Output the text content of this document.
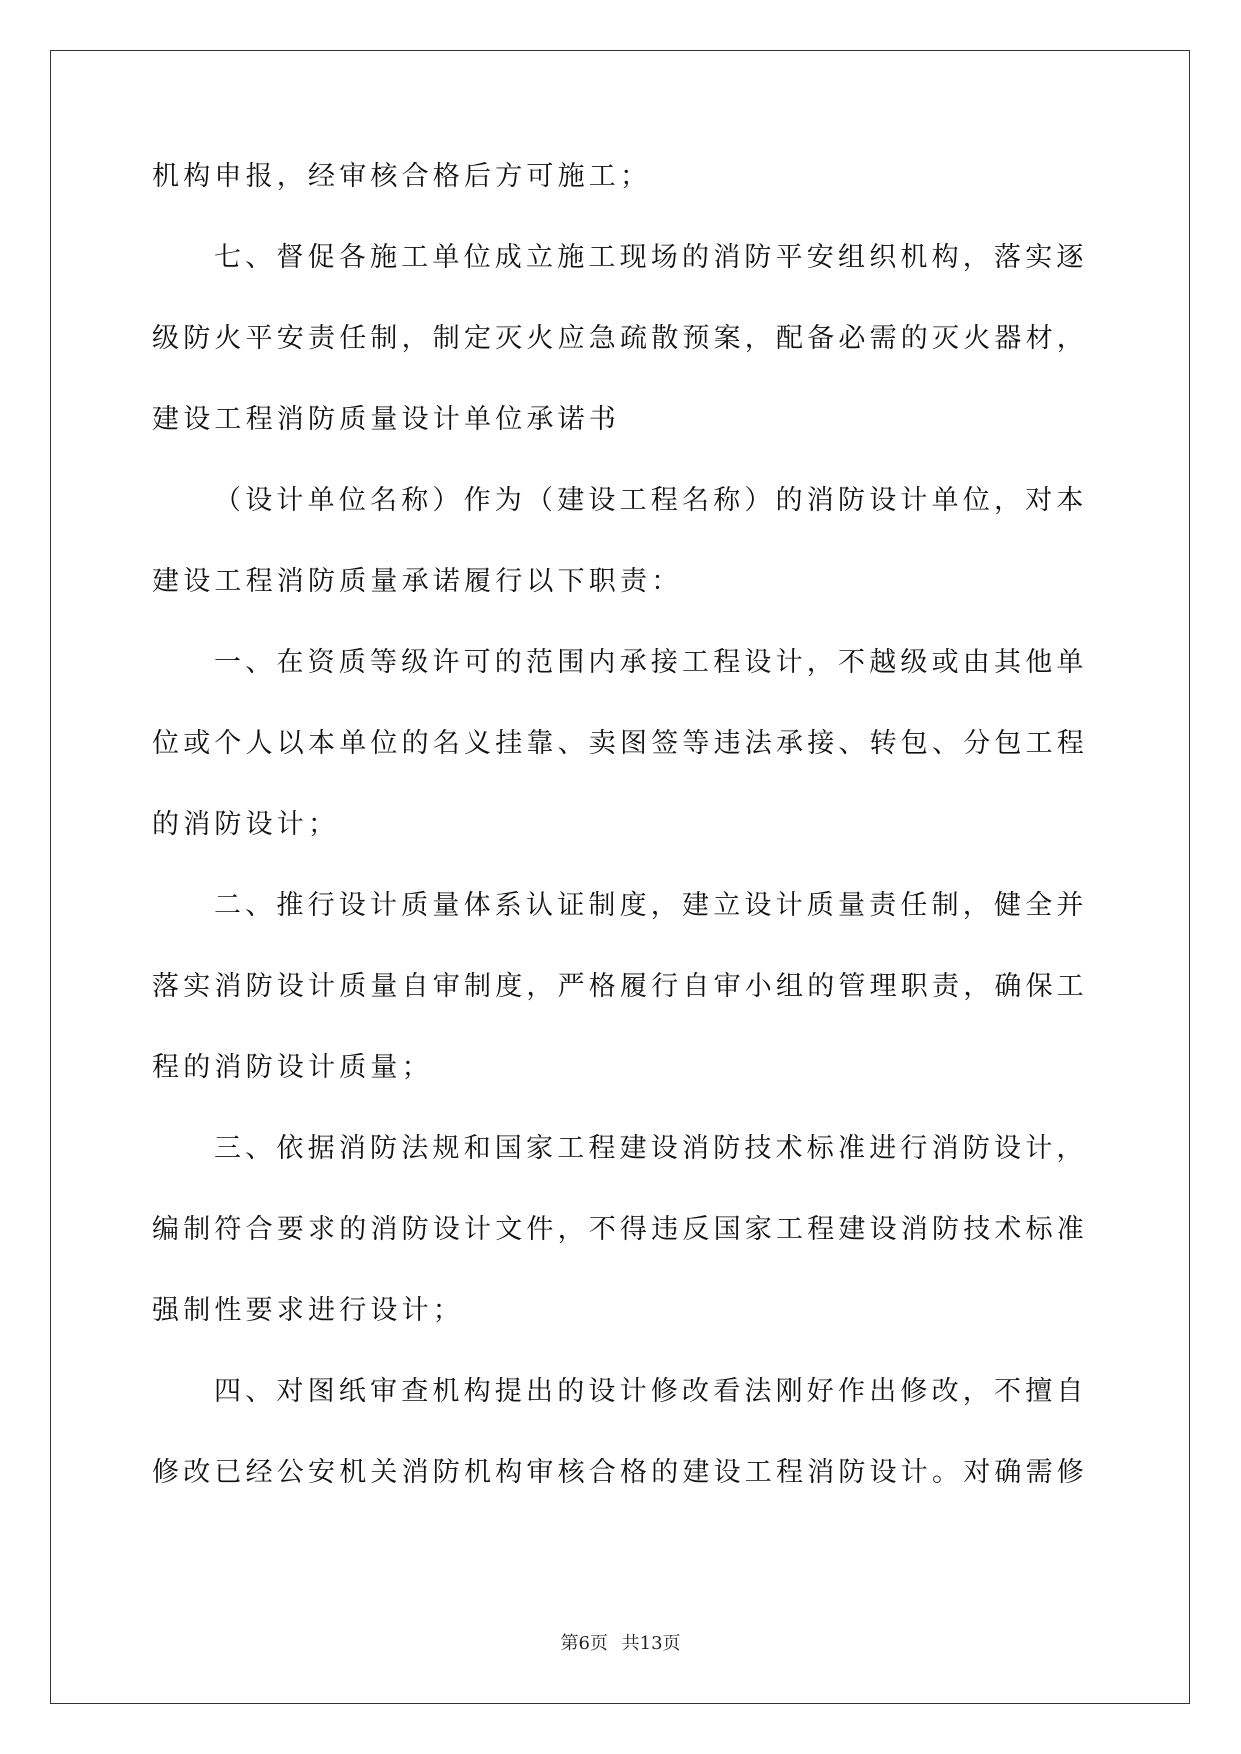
机构申报，经审核合格后方可施工；
七、督促各施工单位成立施工现场的消防平安组织机构，落实逐
级防火平安责任制，制定灭火应急疏散预案，配备必需的灭火器材，
建设工程消防质量设计单位承诺书
（设计单位名称）作为（建设工程名称）的消防设计单位，对本
建设工程消防质量承诺履行以下职责：
一、在资质等级许可的范围内承接工程设计，不越级或由其他单
位或个人以本单位的名义挂靠、卖图签等违法承接、转包、分包工程
的消防设计；
二、推行设计质量体系认证制度，建立设计质量责任制，健全并
落实消防设计质量自审制度，严格履行自审小组的管理职责，确保工
程的消防设计质量；
三、依据消防法规和国家工程建设消防技术标准进行消防设计，
编制符合要求的消防设计文件，不得违反国家工程建设消防技术标准
强制性要求进行设计；
四、对图纸审查机构提出的设计修改看法刚好作出修改，不擅自
修改已经公安机关消防机构审核合格的建设工程消防设计。对确需修
第6页 共13页
